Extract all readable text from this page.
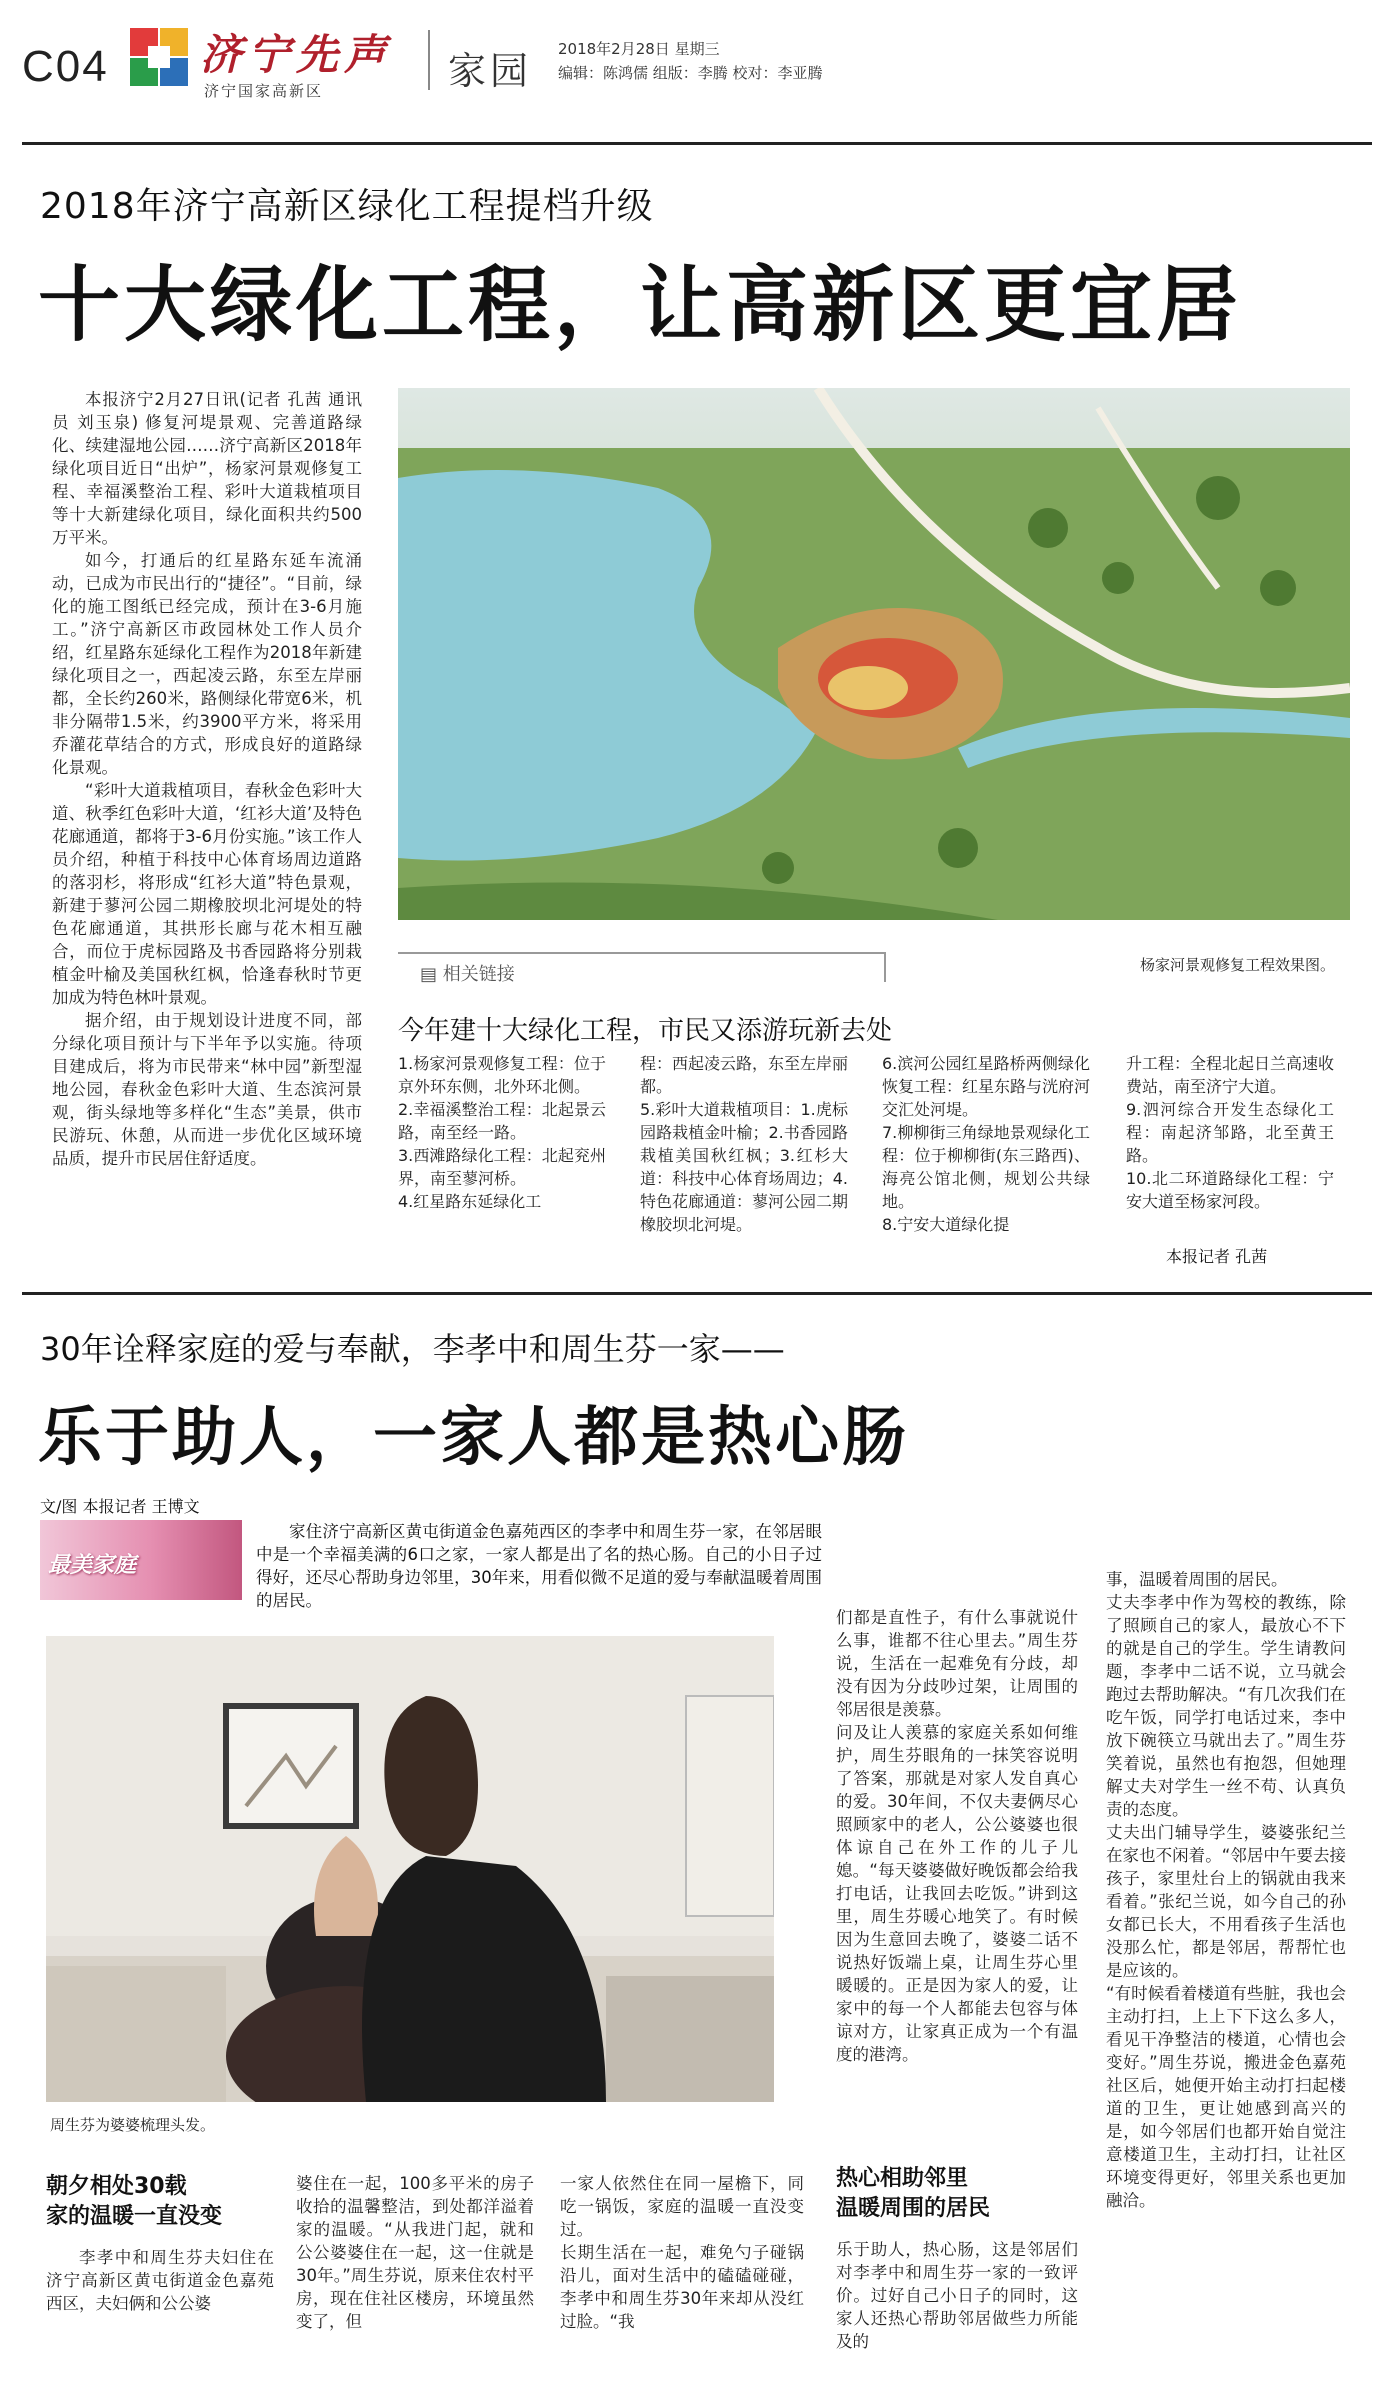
C04 济宁先声
济宁国家高新区	家园 2018年2月28日 星期三
编辑：陈鸿儒 组版：李腾 校对：李亚腾
2018年济宁高新区绿化工程提档升级
十大绿化工程，让高新区更宜居

本报济宁2月27日讯(记者 孔茜 通讯员 刘玉泉) 修复河堤景观、完善道路绿化、续建湿地公园……济宁高新区2018年绿化项目近日“出炉”，杨家河景观修复工程、幸福溪整治工程、彩叶大道栽植项目等十大新建绿化项目，绿化面积共约500万平米。

如今，打通后的红星路东延车流涌动，已成为市民出行的“捷径”。“目前，绿化的施工图纸已经完成，预计在3-6月施工。”济宁高新区市政园林处工作人员介绍，红星路东延绿化工程作为2018年新建绿化项目之一，西起凌云路，东至左岸丽都，全长约260米，路侧绿化带宽6米，机非分隔带1.5米，约3900平方米，将采用乔灌花草结合的方式，形成良好的道路绿化景观。

“彩叶大道栽植项目，春秋金色彩叶大道、秋季红色彩叶大道，‘红衫大道’及特色花廊通道，都将于3-6月份实施。”该工作人员介绍，种植于科技中心体育场周边道路的落羽杉，将形成“红衫大道”特色景观，新建于蓼河公园二期橡胶坝北河堤处的特色花廊通道，其拱形长廊与花木相互融合，而位于虎标园路及书香园路将分别栽植金叶榆及美国秋红枫，恰逢春秋时节更加成为特色林叶景观。

据介绍，由于规划设计进度不同，部分绿化项目预计与下半年予以实施。待项目建成后，将为市民带来“林中园”新型湿地公园，春秋金色彩叶大道、生态滨河景观，街头绿地等多样化“生态”美景，供市民游玩、休憩，从而进一步优化区域环境品质，提升市民居住舒适度。

▤ 相关链接	杨家河景观修复工程效果图。
今年建十大绿化工程，市民又添游玩新去处
1.杨家河景观修复工程：位于京外环东侧，北外环北侧。
2.幸福溪整治工程：北起景云路，南至经一路。
3.西滩路绿化工程：北起兖州界，南至蓼河桥。
4.红星路东延绿化工
程：西起凌云路，东至左岸丽都。
5.彩叶大道栽植项目：1.虎标园路栽植金叶榆；2.书香园路栽植美国秋红枫；3.红杉大道：科技中心体育场周边；4.特色花廊通道：蓼河公园二期橡胶坝北河堤。
6.滨河公园红星路桥两侧绿化恢复工程：红星东路与洸府河交汇处河堤。
7.柳柳街三角绿地景观绿化工程：位于柳柳街(东三路西)、海亮公馆北侧，规划公共绿地。
8.宁安大道绿化提
升工程：全程北起日兰高速收费站，南至济宁大道。
9.泗河综合开发生态绿化工程：南起济邹路，北至黄王路。
10.北二环道路绿化工程：宁安大道至杨家河段。
本报记者 孔茜
30年诠释家庭的爱与奉献，李孝中和周生芬一家——
乐于助人，一家人都是热心肠
文/图 本报记者 王博文
最美家庭
家住济宁高新区黄屯街道金色嘉苑西区的李孝中和周生芬一家，在邻居眼中是一个幸福美满的6口之家，一家人都是出了名的热心肠。自己的小日子过得好，还尽心帮助身边邻里，30年来，用看似微不足道的爱与奉献温暖着周围的居民。
周生芬为婆婆梳理头发。
朝夕相处30载
家的温暖一直没变

李孝中和周生芬夫妇住在济宁高新区黄屯街道金色嘉苑西区，夫妇俩和公公婆

婆住在一起，100多平米的房子收拾的温馨整洁，到处都洋溢着家的温暖。“从我进门起，就和公公婆婆住在一起，这一住就是30年。”周生芬说，原来住农村平房，现在住社区楼房，环境虽然变了，但
一家人依然住在同一屋檐下，同吃一锅饭，家庭的温暖一直没变过。
长期生活在一起，难免勺子碰锅沿儿，面对生活中的磕磕碰碰，李孝中和周生芬30年来却从没红过脸。“我
们都是直性子，有什么事就说什么事，谁都不往心里去。”周生芬说，生活在一起难免有分歧，却没有因为分歧吵过架，让周围的邻居很是羡慕。
问及让人羡慕的家庭关系如何维护，周生芬眼角的一抹笑容说明了答案，那就是对家人发自真心的爱。30年间，不仅夫妻俩尽心照顾家中的老人，公公婆婆也很体谅自己在外工作的儿子儿媳。“每天婆婆做好晚饭都会给我打电话，让我回去吃饭。”讲到这里，周生芬暖心地笑了。有时候因为生意回去晚了，婆婆二话不说热好饭端上桌，让周生芬心里暖暖的。正是因为家人的爱，让家中的每一个人都能去包容与体谅对方，让家真正成为一个有温度的港湾。
热心相助邻里
温暖周围的居民
乐于助人，热心肠，这是邻居们对李孝中和周生芬一家的一致评价。过好自己小日子的同时，这家人还热心帮助邻居做些力所能及的
事，温暖着周围的居民。
丈夫李孝中作为驾校的教练，除了照顾自己的家人，最放心不下的就是自己的学生。学生请教问题，李孝中二话不说，立马就会跑过去帮助解决。“有几次我们在吃午饭，同学打电话过来，李中放下碗筷立马就出去了。”周生芬笑着说，虽然也有抱怨，但她理解丈夫对学生一丝不苟、认真负责的态度。
丈夫出门辅导学生，婆婆张纪兰在家也不闲着。“邻居中午要去接孩子，家里灶台上的锅就由我来看着。”张纪兰说，如今自己的孙女都已长大，不用看孩子生活也没那么忙，都是邻居，帮帮忙也是应该的。
“有时候看着楼道有些脏，我也会主动打扫，上上下下这么多人，看见干净整洁的楼道，心情也会变好。”周生芬说，搬进金色嘉苑社区后，她便开始主动打扫起楼道的卫生，更让她感到高兴的是，如今邻居们也都开始自觉注意楼道卫生，主动打扫，让社区环境变得更好，邻里关系也更加融洽。
